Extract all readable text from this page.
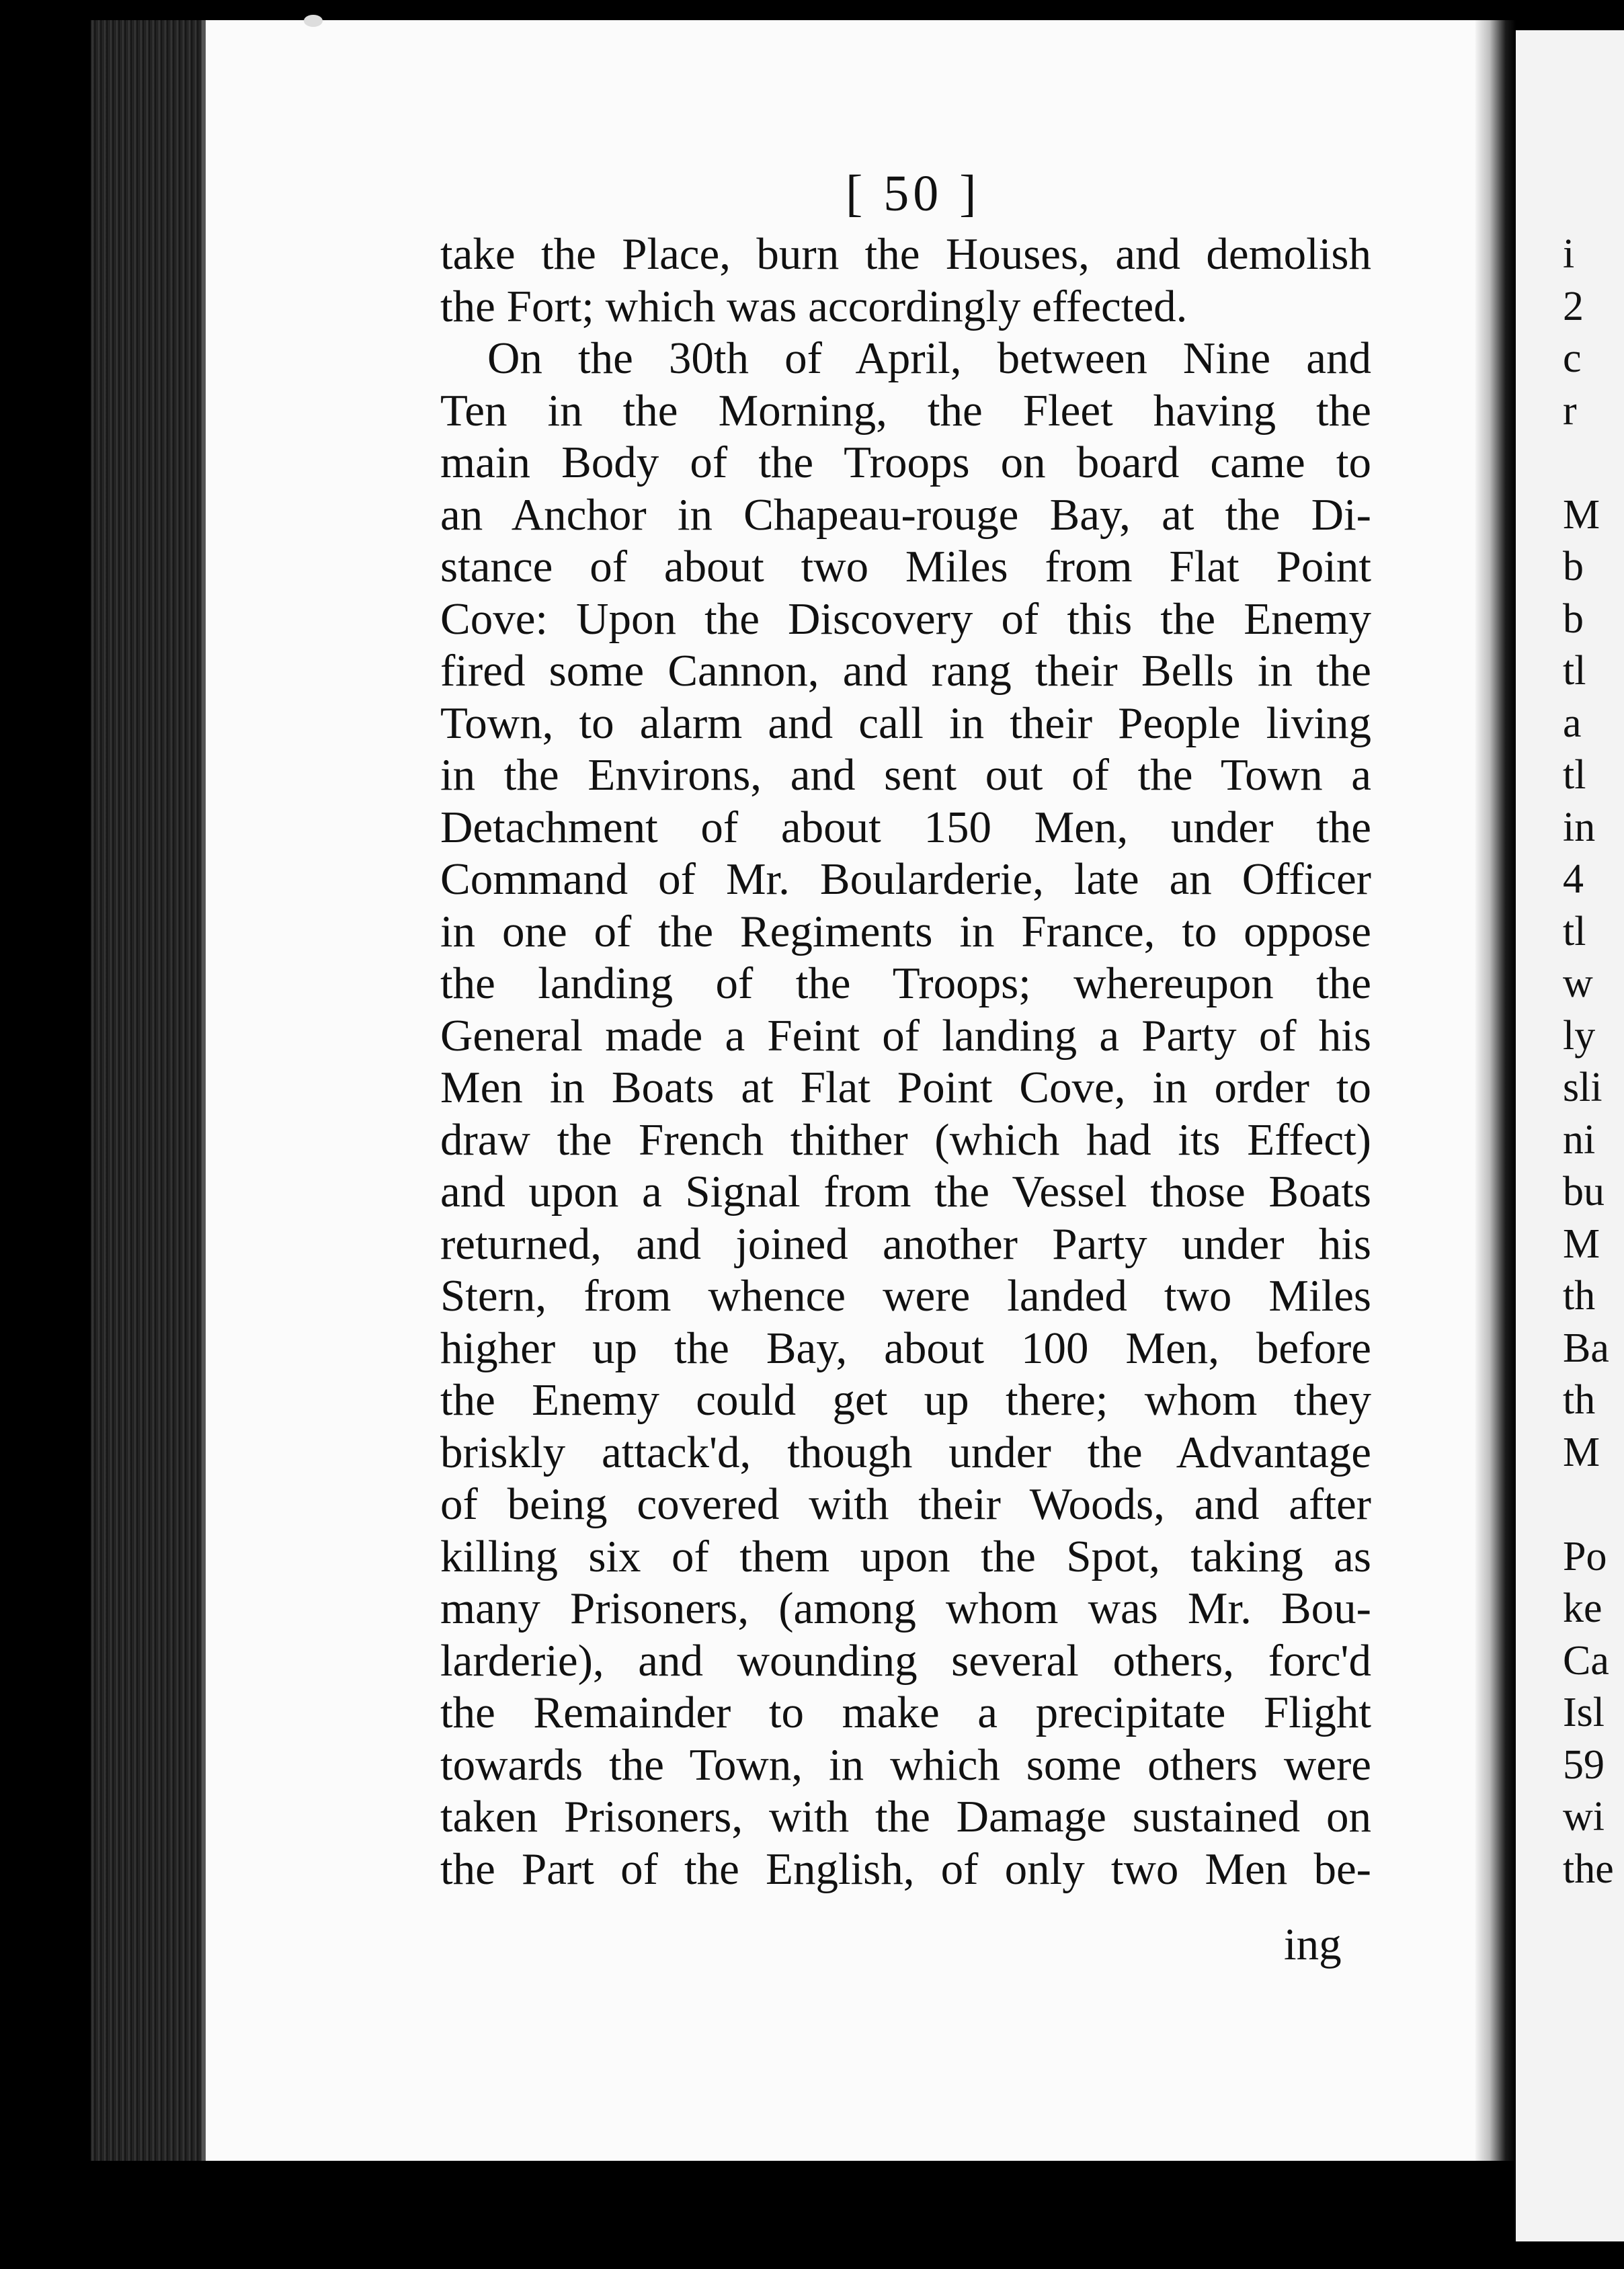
[ 50 ]
take the Place, burn the Houses, and demolish
the Fort; which was accordingly effected.
On the 30th of April, between Nine and
Ten in the Morning, the Fleet having the
main Body of the Troops on board came to
an Anchor in Chapeau-rouge Bay, at the Di-
stance of about two Miles from Flat Point
Cove: Upon the Discovery of this the Enemy
fired some Cannon, and rang their Bells in the
Town, to alarm and call in their People living
in the Environs, and sent out of the Town a
Detachment of about 150 Men, under the
Command of Mr. Boularderie, late an Officer
in one of the Regiments in France, to oppose
the landing of the Troops; whereupon the
General made a Feint of landing a Party of his
Men in Boats at Flat Point Cove, in order to
draw the French thither (which had its Effect)
and upon a Signal from the Vessel those Boats
returned, and joined another Party under his
Stern, from whence were landed two Miles
higher up the Bay, about 100 Men, before
the Enemy could get up there; whom they
briskly attack'd, though under the Advantage
of being covered with their Woods, and after
killing six of them upon the Spot, taking as
many Prisoners, (among whom was Mr. Bou-
larderie), and wounding several others, forc'd
the Remainder to make a precipitate Flight
towards the Town, in which some others were
taken Prisoners, with the Damage sustained on
the Part of the English, of only two Men be-
ing
i
2
c
r
M
b
b
tl
a
tl
in
4
tl
w
ly
sli
ni
bu
M
th
Ba
th
M
Po
ke
Ca
Isl
59
wi
the
